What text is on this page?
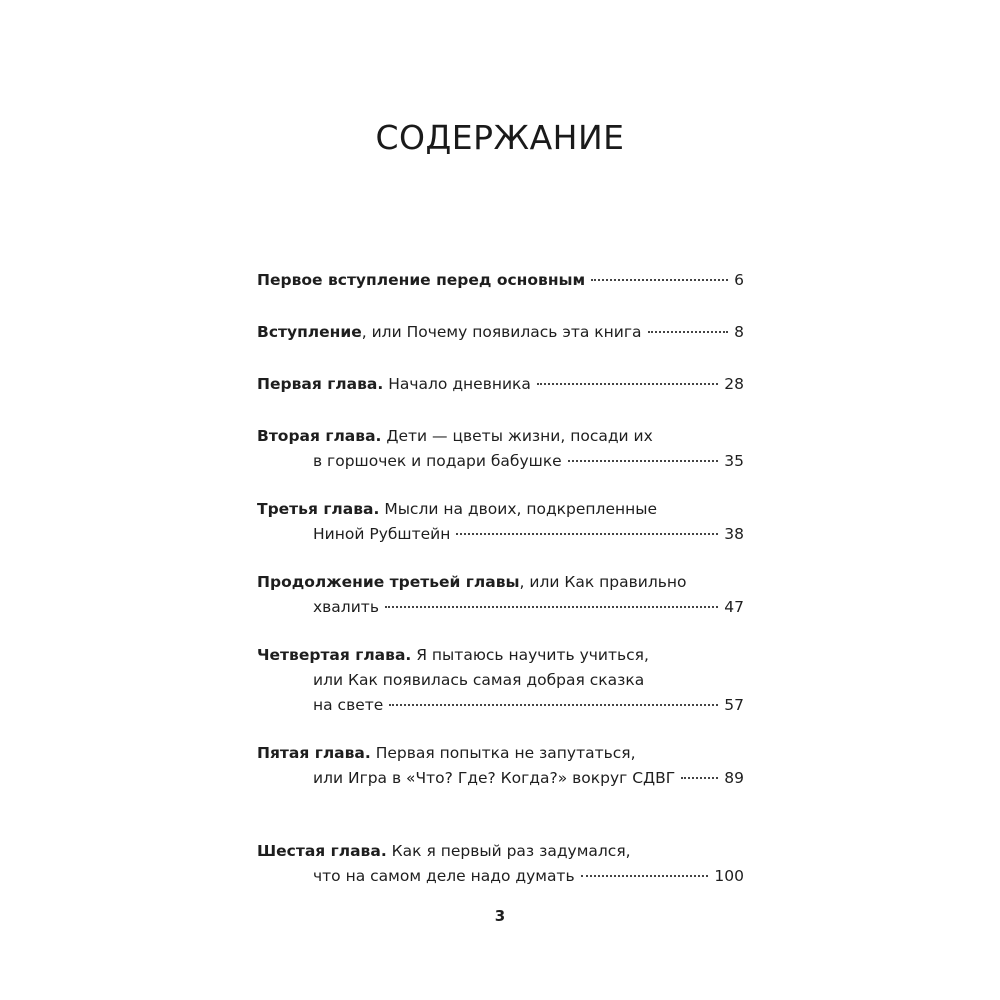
СОДЕРЖАНИЕ
Первое вступление перед основным	6
Вступление, или Почему появилась эта книга	8
Первая глава. Начало дневника	28
Вторая глава. Дети — цветы жизни, посади их
в горшочек и подари бабушке	35
Третья глава. Мысли на двоих, подкрепленные
Ниной Рубштейн	38
Продолжение третьей главы, или Как правильно
хвалить	47
Четвертая глава. Я пытаюсь научить учиться,
или Как появилась самая добрая сказка
на свете	57
Пятая глава. Первая попытка не запутаться,
или Игра в «Что? Где? Когда?» вокруг СДВГ	89
Шестая глава. Как я первый раз задумался,
что на самом деле надо думать	100
3
